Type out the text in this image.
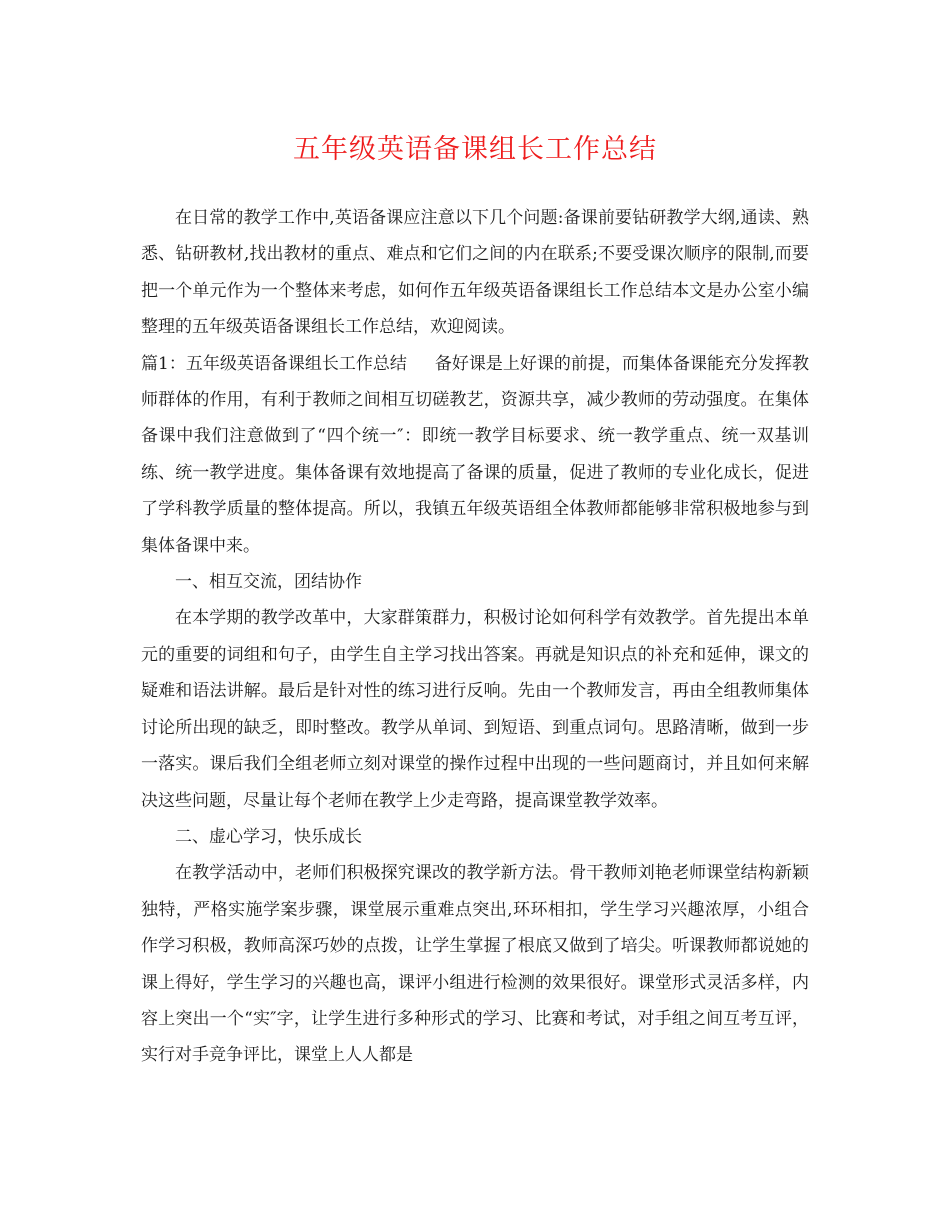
五年级英语备课组长工作总结

在日常的教学工作中,英语备课应注意以下几个问题:备课前要钻研教学大纲,通读、熟悉、钻研教材,找出教材的重点、难点和它们之间的内在联系;不要受课次顺序的限制,而要把一个单元作为一个整体来考虑，如何作五年级英语备课组长工作总结本文是办公室小编整理的五年级英语备课组长工作总结，欢迎阅读。

篇1：五年级英语备课组长工作总结 备好课是上好课的前提，而集体备课能充分发挥教师群体的作用，有利于教师之间相互切磋教艺，资源共享，减少教师的劳动强度。在集体备课中我们注意做到了“四个统一″：即统一教学目标要求、统一教学重点、统一双基训练、统一教学进度。集体备课有效地提高了备课的质量，促进了教师的专业化成长，促进了学科教学质量的整体提高。所以，我镇五年级英语组全体教师都能够非常积极地参与到集体备课中来。

一、相互交流，团结协作

在本学期的教学改革中，大家群策群力，积极讨论如何科学有效教学。首先提出本单元的重要的词组和句子，由学生自主学习找出答案。再就是知识点的补充和延伸，课文的疑难和语法讲解。最后是针对性的练习进行反响。先由一个教师发言，再由全组教师集体讨论所出现的缺乏，即时整改。教学从单词、到短语、到重点词句。思路清晰，做到一步一落实。课后我们全组老师立刻对课堂的操作过程中出现的一些问题商讨，并且如何来解决这些问题，尽量让每个老师在教学上少走弯路，提高课堂教学效率。

二、虚心学习，快乐成长

在教学活动中，老师们积极探究课改的教学新方法。骨干教师刘艳老师课堂结构新颖独特，严格实施学案步骤，课堂展示重难点突出,环环相扣，学生学习兴趣浓厚，小组合作学习积极，教师高深巧妙的点拨，让学生掌握了根底又做到了培尖。听课教师都说她的课上得好，学生学习的兴趣也高，课评小组进行检测的效果很好。课堂形式灵活多样，内容上突出一个“实″字，让学生进行多种形式的学习、比赛和考试，对手组之间互考互评，实行对手竞争评比，课堂上人人都是
